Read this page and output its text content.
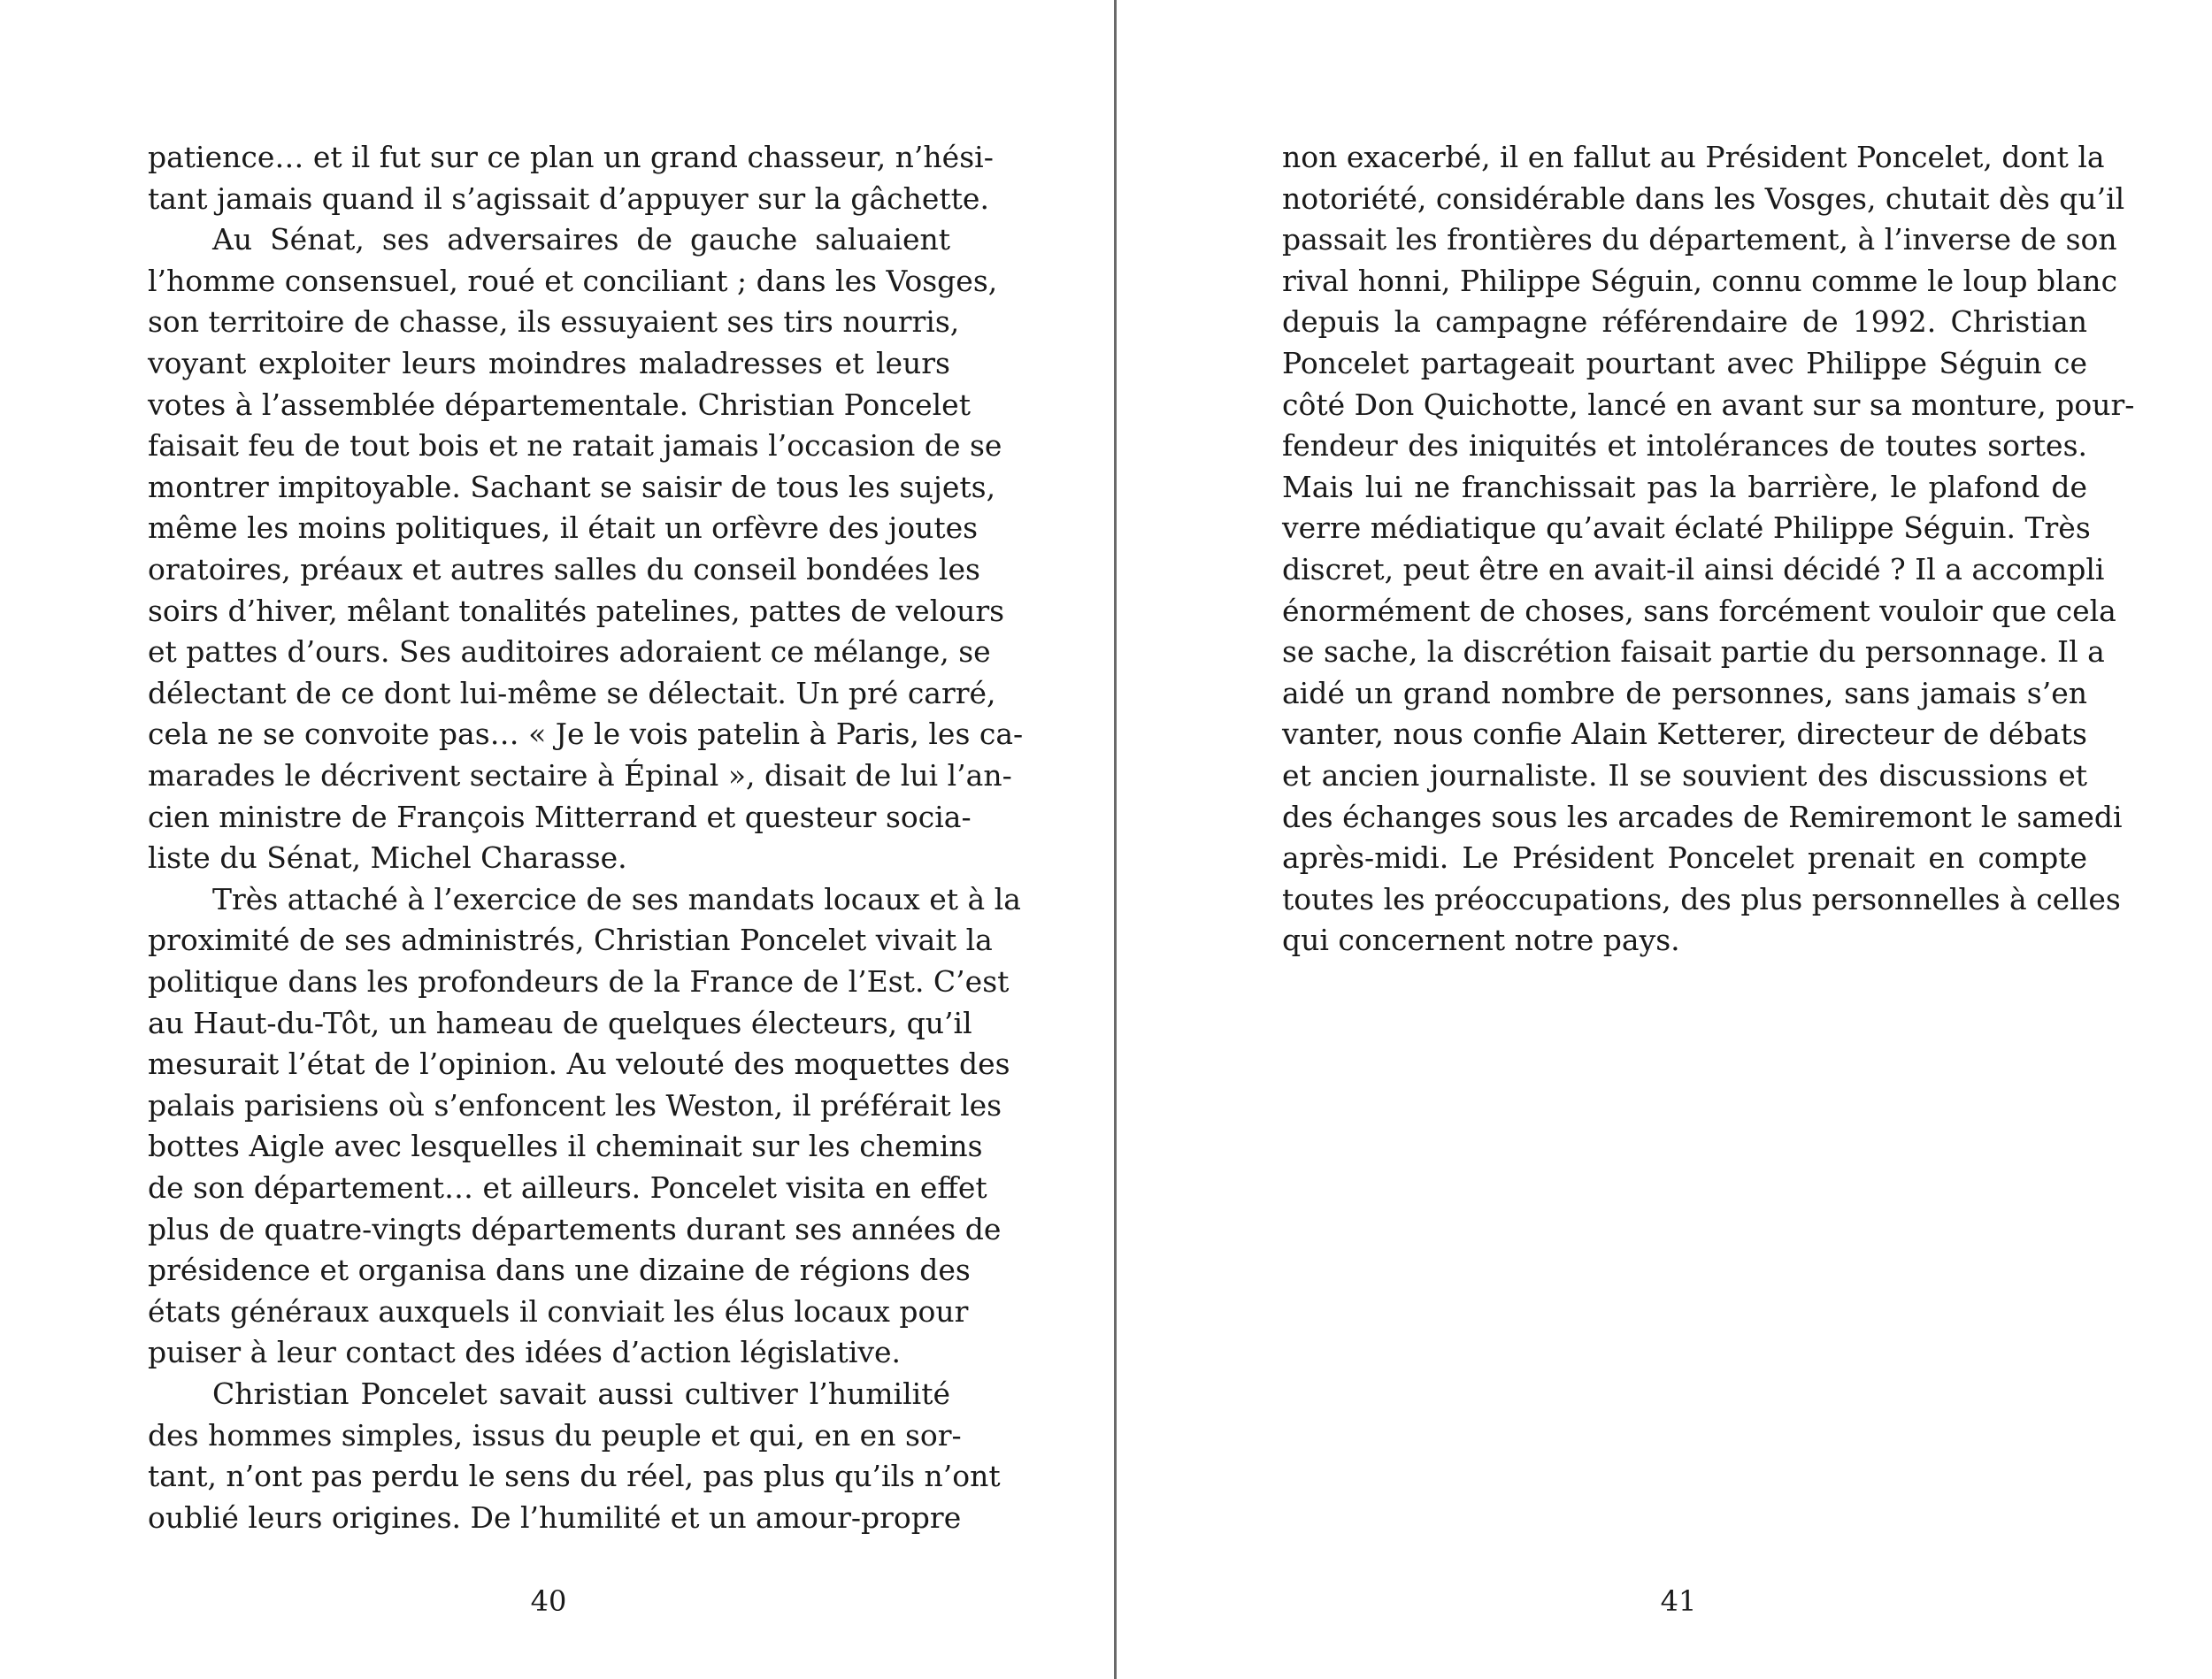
patience… et il fut sur ce plan un grand chasseur, n’hési-
tant jamais quand il s’agissait d’appuyer sur la gâchette.
Au Sénat, ses adversaires de gauche saluaient
l’homme consensuel, roué et conciliant ; dans les Vosges,
son territoire de chasse, ils essuyaient ses tirs nourris,
voyant exploiter leurs moindres maladresses et leurs
votes à l’assemblée départementale. Christian Poncelet
faisait feu de tout bois et ne ratait jamais l’occasion de se
montrer impitoyable. Sachant se saisir de tous les sujets,
même les moins politiques, il était un orfèvre des joutes
oratoires, préaux et autres salles du conseil bondées les
soirs d’hiver, mêlant tonalités patelines, pattes de velours
et pattes d’ours. Ses auditoires adoraient ce mélange, se
délectant de ce dont lui-même se délectait. Un pré carré,
cela ne se convoite pas… « Je le vois patelin à Paris, les ca-
marades le décrivent sectaire à Épinal », disait de lui l’an-
cien ministre de François Mitterrand et questeur socia-
liste du Sénat, Michel Charasse.
Très attaché à l’exercice de ses mandats locaux et à la
proximité de ses administrés, Christian Poncelet vivait la
politique dans les profondeurs de la France de l’Est. C’est
au Haut-du-Tôt, un hameau de quelques électeurs, qu’il
mesurait l’état de l’opinion. Au velouté des moquettes des
palais parisiens où s’enfoncent les Weston, il préférait les
bottes Aigle avec lesquelles il cheminait sur les chemins
de son département… et ailleurs. Poncelet visita en effet
plus de quatre-vingts départements durant ses années de
présidence et organisa dans une dizaine de régions des
états généraux auxquels il conviait les élus locaux pour
puiser à leur contact des idées d’action législative.
Christian Poncelet savait aussi cultiver l’humilité
des hommes simples, issus du peuple et qui, en en sor-
tant, n’ont pas perdu le sens du réel, pas plus qu’ils n’ont
oublié leurs origines. De l’humilité et un amour-propre
40
non exacerbé, il en fallut au Président Poncelet, dont la
notoriété, considérable dans les Vosges, chutait dès qu’il
passait les frontières du département, à l’inverse de son
rival honni, Philippe Séguin, connu comme le loup blanc
depuis la campagne référendaire de 1992. Christian
Poncelet partageait pourtant avec Philippe Séguin ce
côté Don Quichotte, lancé en avant sur sa monture, pour-
fendeur des iniquités et intolérances de toutes sortes.
Mais lui ne franchissait pas la barrière, le plafond de
verre médiatique qu’avait éclaté Philippe Séguin. Très
discret, peut être en avait-il ainsi décidé ? Il a accompli
énormément de choses, sans forcément vouloir que cela
se sache, la discrétion faisait partie du personnage. Il a
aidé un grand nombre de personnes, sans jamais s’en
vanter, nous confie Alain Ketterer, directeur de débats
et ancien journaliste. Il se souvient des discussions et
des échanges sous les arcades de Remiremont le samedi
après-midi. Le Président Poncelet prenait en compte
toutes les préoccupations, des plus personnelles à celles
qui concernent notre pays.
41
